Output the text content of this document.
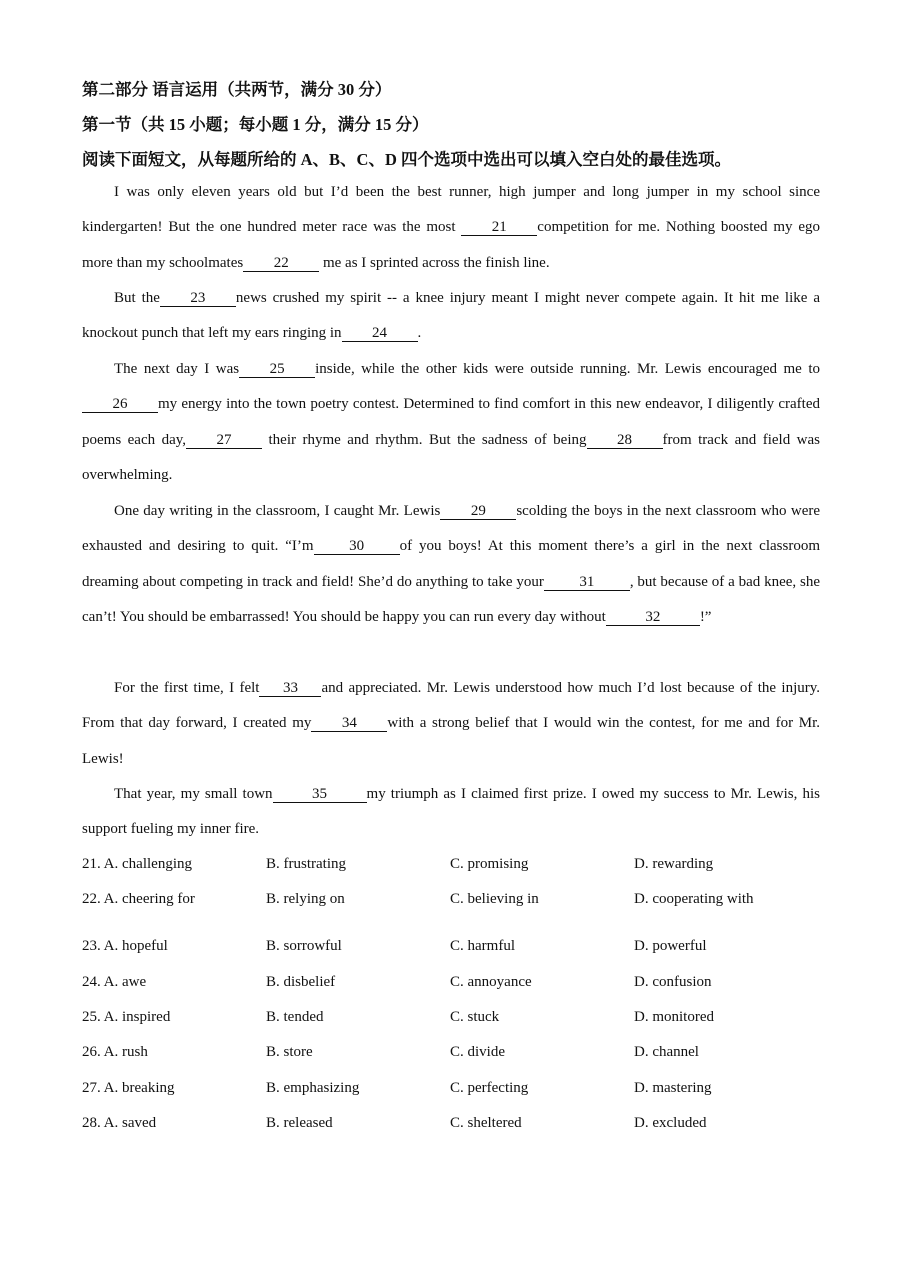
第二部分 语言运用（共两节，满分 30 分）
第一节（共 15 小题；每小题 1 分，满分 15 分）
阅读下面短文，从每题所给的 A、B、C、D 四个选项中选出可以填入空白处的最佳选项。

I was only eleven years old but I’d been the best runner, high jumper and long jumper in my school since kindergarten! But the one hundred meter race was the most 21 competition for me. Nothing boosted my ego more than my schoolmates 22 me as I sprinted across the finish line.

But the 23 news crushed my spirit -- a knee injury meant I might never compete again. It hit me like a knockout punch that left my ears ringing in 24 .

The next day I was 25 inside, while the other kids were outside running. Mr. Lewis encouraged me to26 my energy into the town poetry contest. Determined to find comfort in this new endeavor, I diligently crafted poems each day, 27 their rhyme and rhythm. But the sadness of being 28 from track and field was overwhelming.

One day writing in the classroom, I caught Mr. Lewis 29 scolding the boys in the next classroom who were exhausted and desiring to quit. “I’m 30 of you boys! At this moment there’s a girl in the next classroom dreaming about competing in track and field! She’d do anything to take your 31 , but because of a bad knee, she can’t! You should be embarrassed! You should be happy you can run every day without	32	!”

For the first time, I felt 33 and appreciated. Mr. Lewis understood how much I’d lost because of the injury. From that day forward, I created my 34 with a strong belief that I would win the contest, for me and for Mr. Lewis!

That year, my small town	35	my triumph as I claimed first prize. I owed my success to Mr. Lewis, his support fueling my inner fire.

21. A. challenging	B. frustrating	C. promising	D. rewarding
22. A. cheering for	B. relying on	C. believing in	D. cooperating with
23. A. hopeful	B. sorrowful	C. harmful	D. powerful
24. A. awe	B. disbelief	C. annoyance	D. confusion
25. A. inspired	B. tended	C. stuck	D. monitored
26. A. rush	B. store	C. divide	D. channel
27. A. breaking	B. emphasizing	C. perfecting	D. mastering
28. A. saved	B. released	C. sheltered	D. excluded
